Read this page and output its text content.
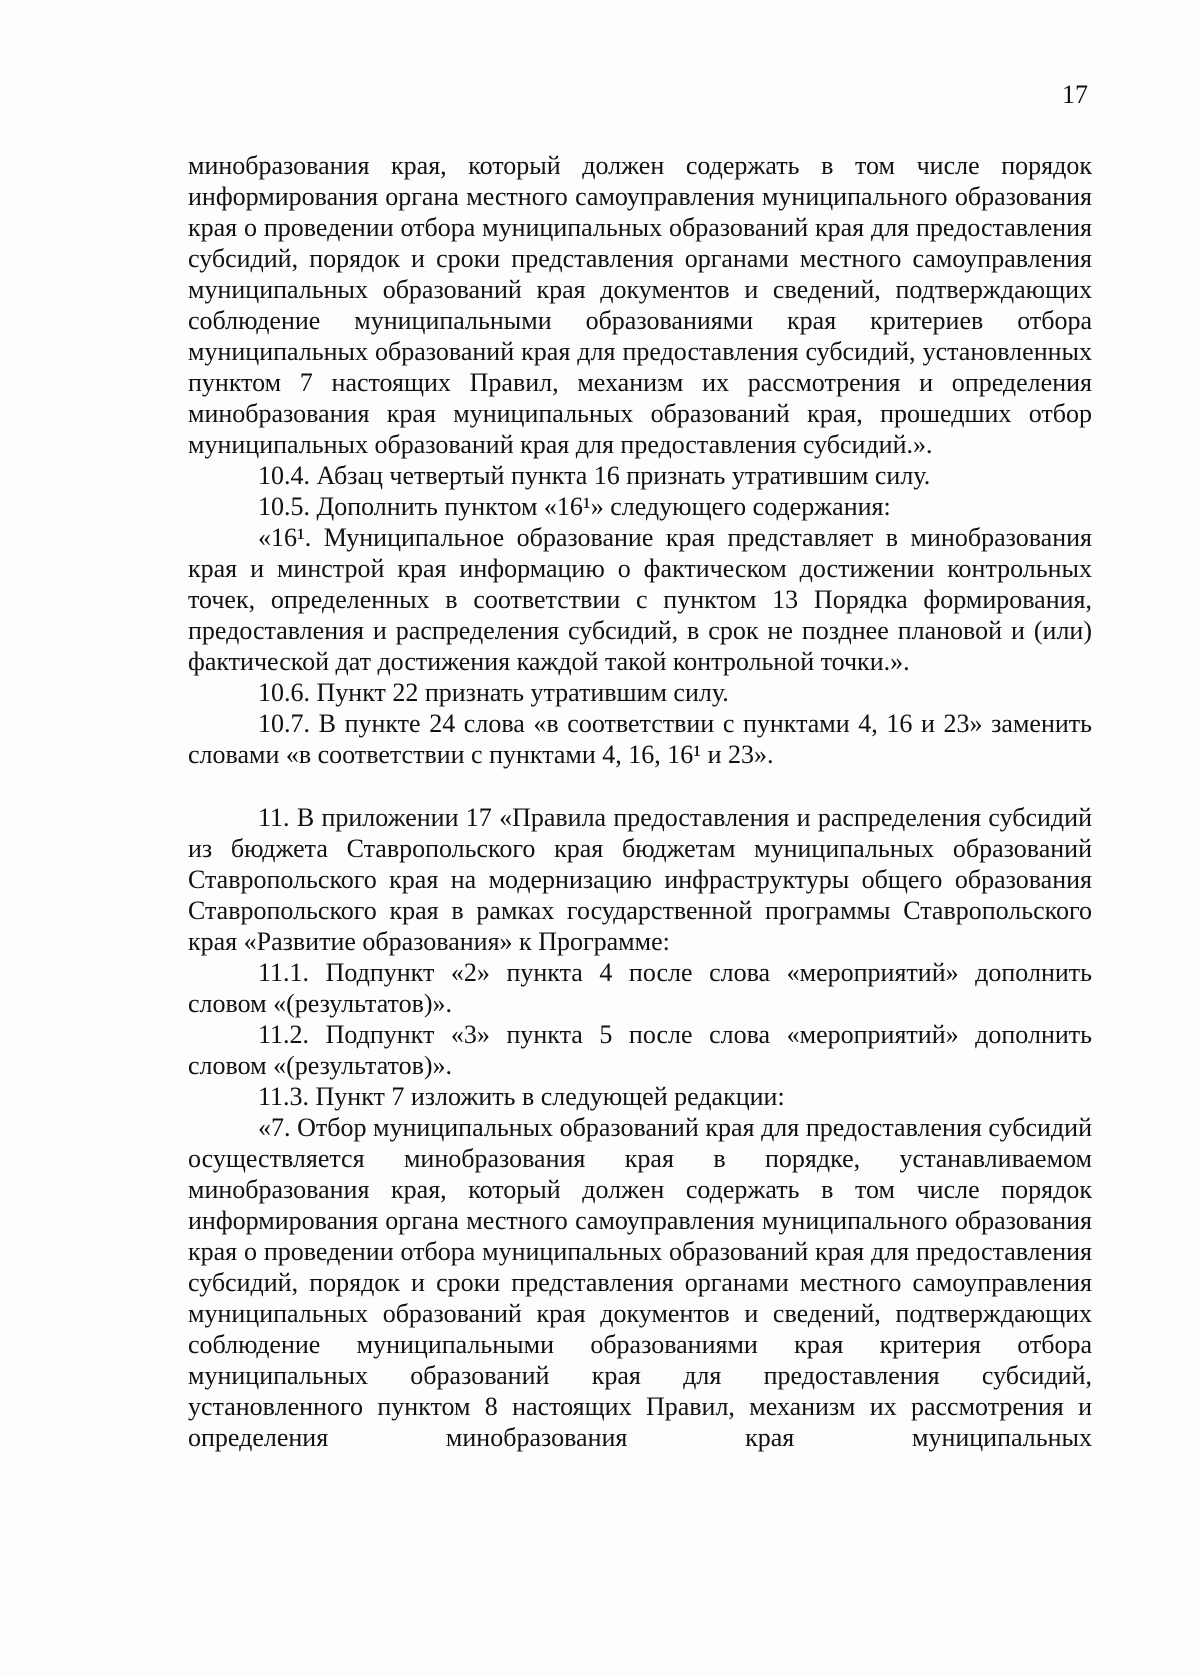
17

минобразования края, который должен содержать в том числе порядок информирования органа местного самоуправления муниципального образования края о проведении отбора муниципальных образований края для предоставления субсидий, порядок и сроки представления органами местного самоуправления муниципальных образований края документов и сведений, подтверждающих соблюдение муниципальными образованиями края критериев отбора муниципальных образований края для предоставления субсидий, установленных пунктом 7 настоящих Правил, механизм их рассмотрения и определения минобразования края муниципальных образований края, прошедших отбор муниципальных образований края для предоставления субсидий.».

10.4. Абзац четвертый пункта 16 признать утратившим силу.

10.5. Дополнить пунктом «16¹» следующего содержания:

«16¹. Муниципальное образование края представляет в минобразования края и минстрой края информацию о фактическом достижении контрольных точек, определенных в соответствии с пунктом 13 Порядка формирования, предоставления и распределения субсидий, в срок не позднее плановой и (или) фактической дат достижения каждой такой контрольной точки.».

10.6. Пункт 22 признать утратившим силу.

10.7. В пункте 24 слова «в соответствии с пунктами 4, 16 и 23» заменить словами «в соответствии с пунктами 4, 16, 16¹ и 23».

11. В приложении 17 «Правила предоставления и распределения субсидий из бюджета Ставропольского края бюджетам муниципальных образований Ставропольского края на модернизацию инфраструктуры общего образования Ставропольского края в рамках государственной программы Ставропольского края «Развитие образования» к Программе:

11.1. Подпункт «2» пункта 4 после слова «мероприятий» дополнить словом «(результатов)».

11.2. Подпункт «3» пункта 5 после слова «мероприятий» дополнить словом «(результатов)».

11.3. Пункт 7 изложить в следующей редакции:

«7. Отбор муниципальных образований края для предоставления субсидий осуществляется минобразования края в порядке, устанавливаемом минобразования края, который должен содержать в том числе порядок информирования органа местного самоуправления муниципального образования края о проведении отбора муниципальных образований края для предоставления субсидий, порядок и сроки представления органами местного самоуправления муниципальных образований края документов и сведений, подтверждающих соблюдение муниципальными образованиями края критерия отбора муниципальных образований края для предоставления субсидий, установленного пунктом 8 настоящих Правил, механизм их рассмотрения и определения минобразования края муниципальных
